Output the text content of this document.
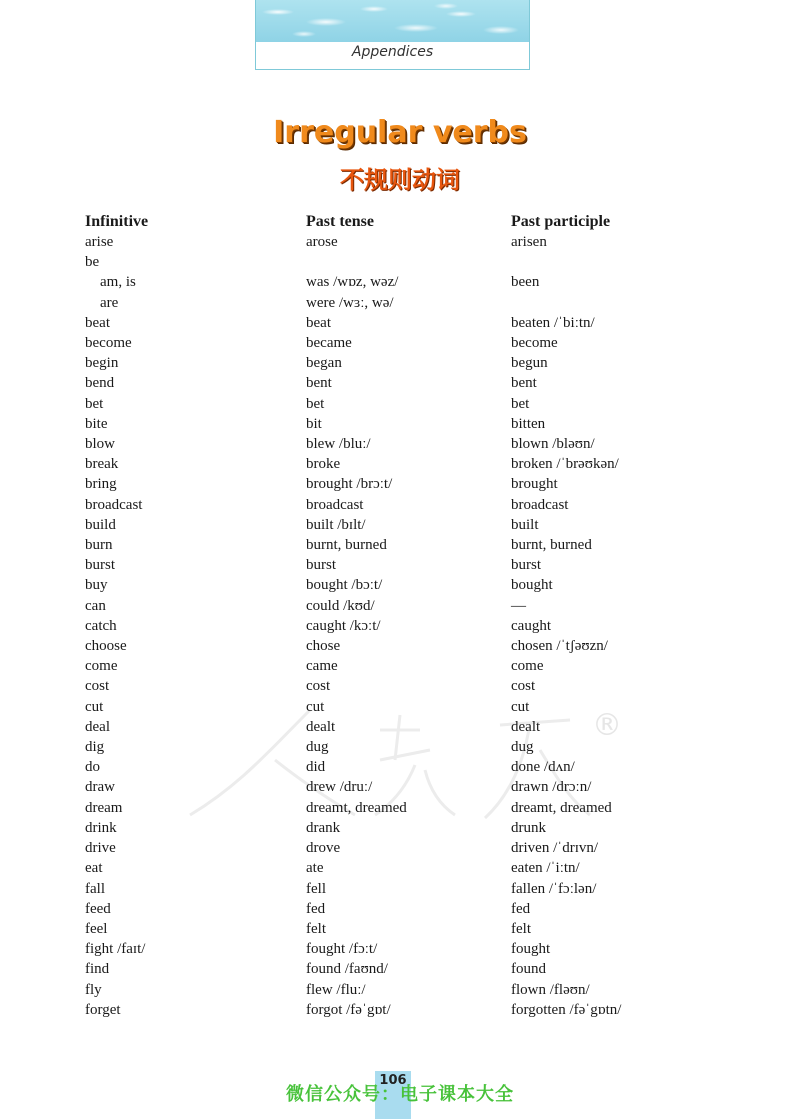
Appendices
Irregular verbs
不规则动词
®
Infinitive	Past tense	Past participle
arise	arose	arisen
be		
am, is	was /wɒz, wəz/	been
are	were /wɜː, wə/	
beat	beat	beaten /ˈbiːtn/
become	became	become
begin	began	begun
bend	bent	bent
bet	bet	bet
bite	bit	bitten
blow	blew /bluː/	blown /bləʊn/
break	broke	broken /ˈbrəʊkən/
bring	brought /brɔːt/	brought
broadcast	broadcast	broadcast
build	built /bɪlt/	built
burn	burnt, burned	burnt, burned
burst	burst	burst
buy	bought /bɔːt/	bought
can	could /kʊd/	—
catch	caught /kɔːt/	caught
choose	chose	chosen /ˈtʃəʊzn/
come	came	come
cost	cost	cost
cut	cut	cut
deal	dealt	dealt
dig	dug	dug
do	did	done /dʌn/
draw	drew /druː/	drawn /drɔːn/
dream	dreamt, dreamed	dreamt, dreamed
drink	drank	drunk
drive	drove	driven /ˈdrɪvn/
eat	ate	eaten /ˈiːtn/
fall	fell	fallen /ˈfɔːlən/
feed	fed	fed
feel	felt	felt
fight /faɪt/	fought /fɔːt/	fought
find	found /faʊnd/	found
fly	flew /fluː/	flown /fləʊn/
forget	forgot /fəˈgɒt/	forgotten /fəˈgɒtn/
106
微信公众号：电子课本大全
